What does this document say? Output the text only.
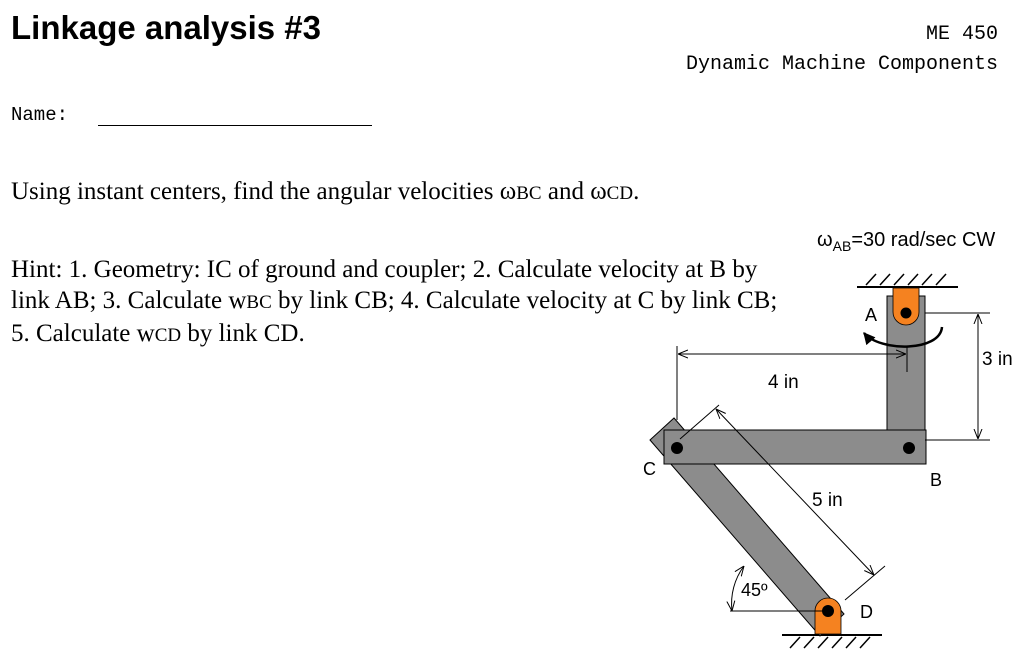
Linkage analysis #3	ME 450
Dynamic Machine Components
Name:

Using instant centers, find the angular velocities ωBC and ωCD.

Hint: 1. Geometry: IC of ground and coupler; 2. Calculate velocity at B by
link AB; 3. Calculate wBC by link CB; 4. Calculate velocity at C by link CB;
5. Calculate wCD by link CD.
$\omega_{AB}=30$ rad/sec CW
A
B
C
D
4 in
3 in
5 in
45º
